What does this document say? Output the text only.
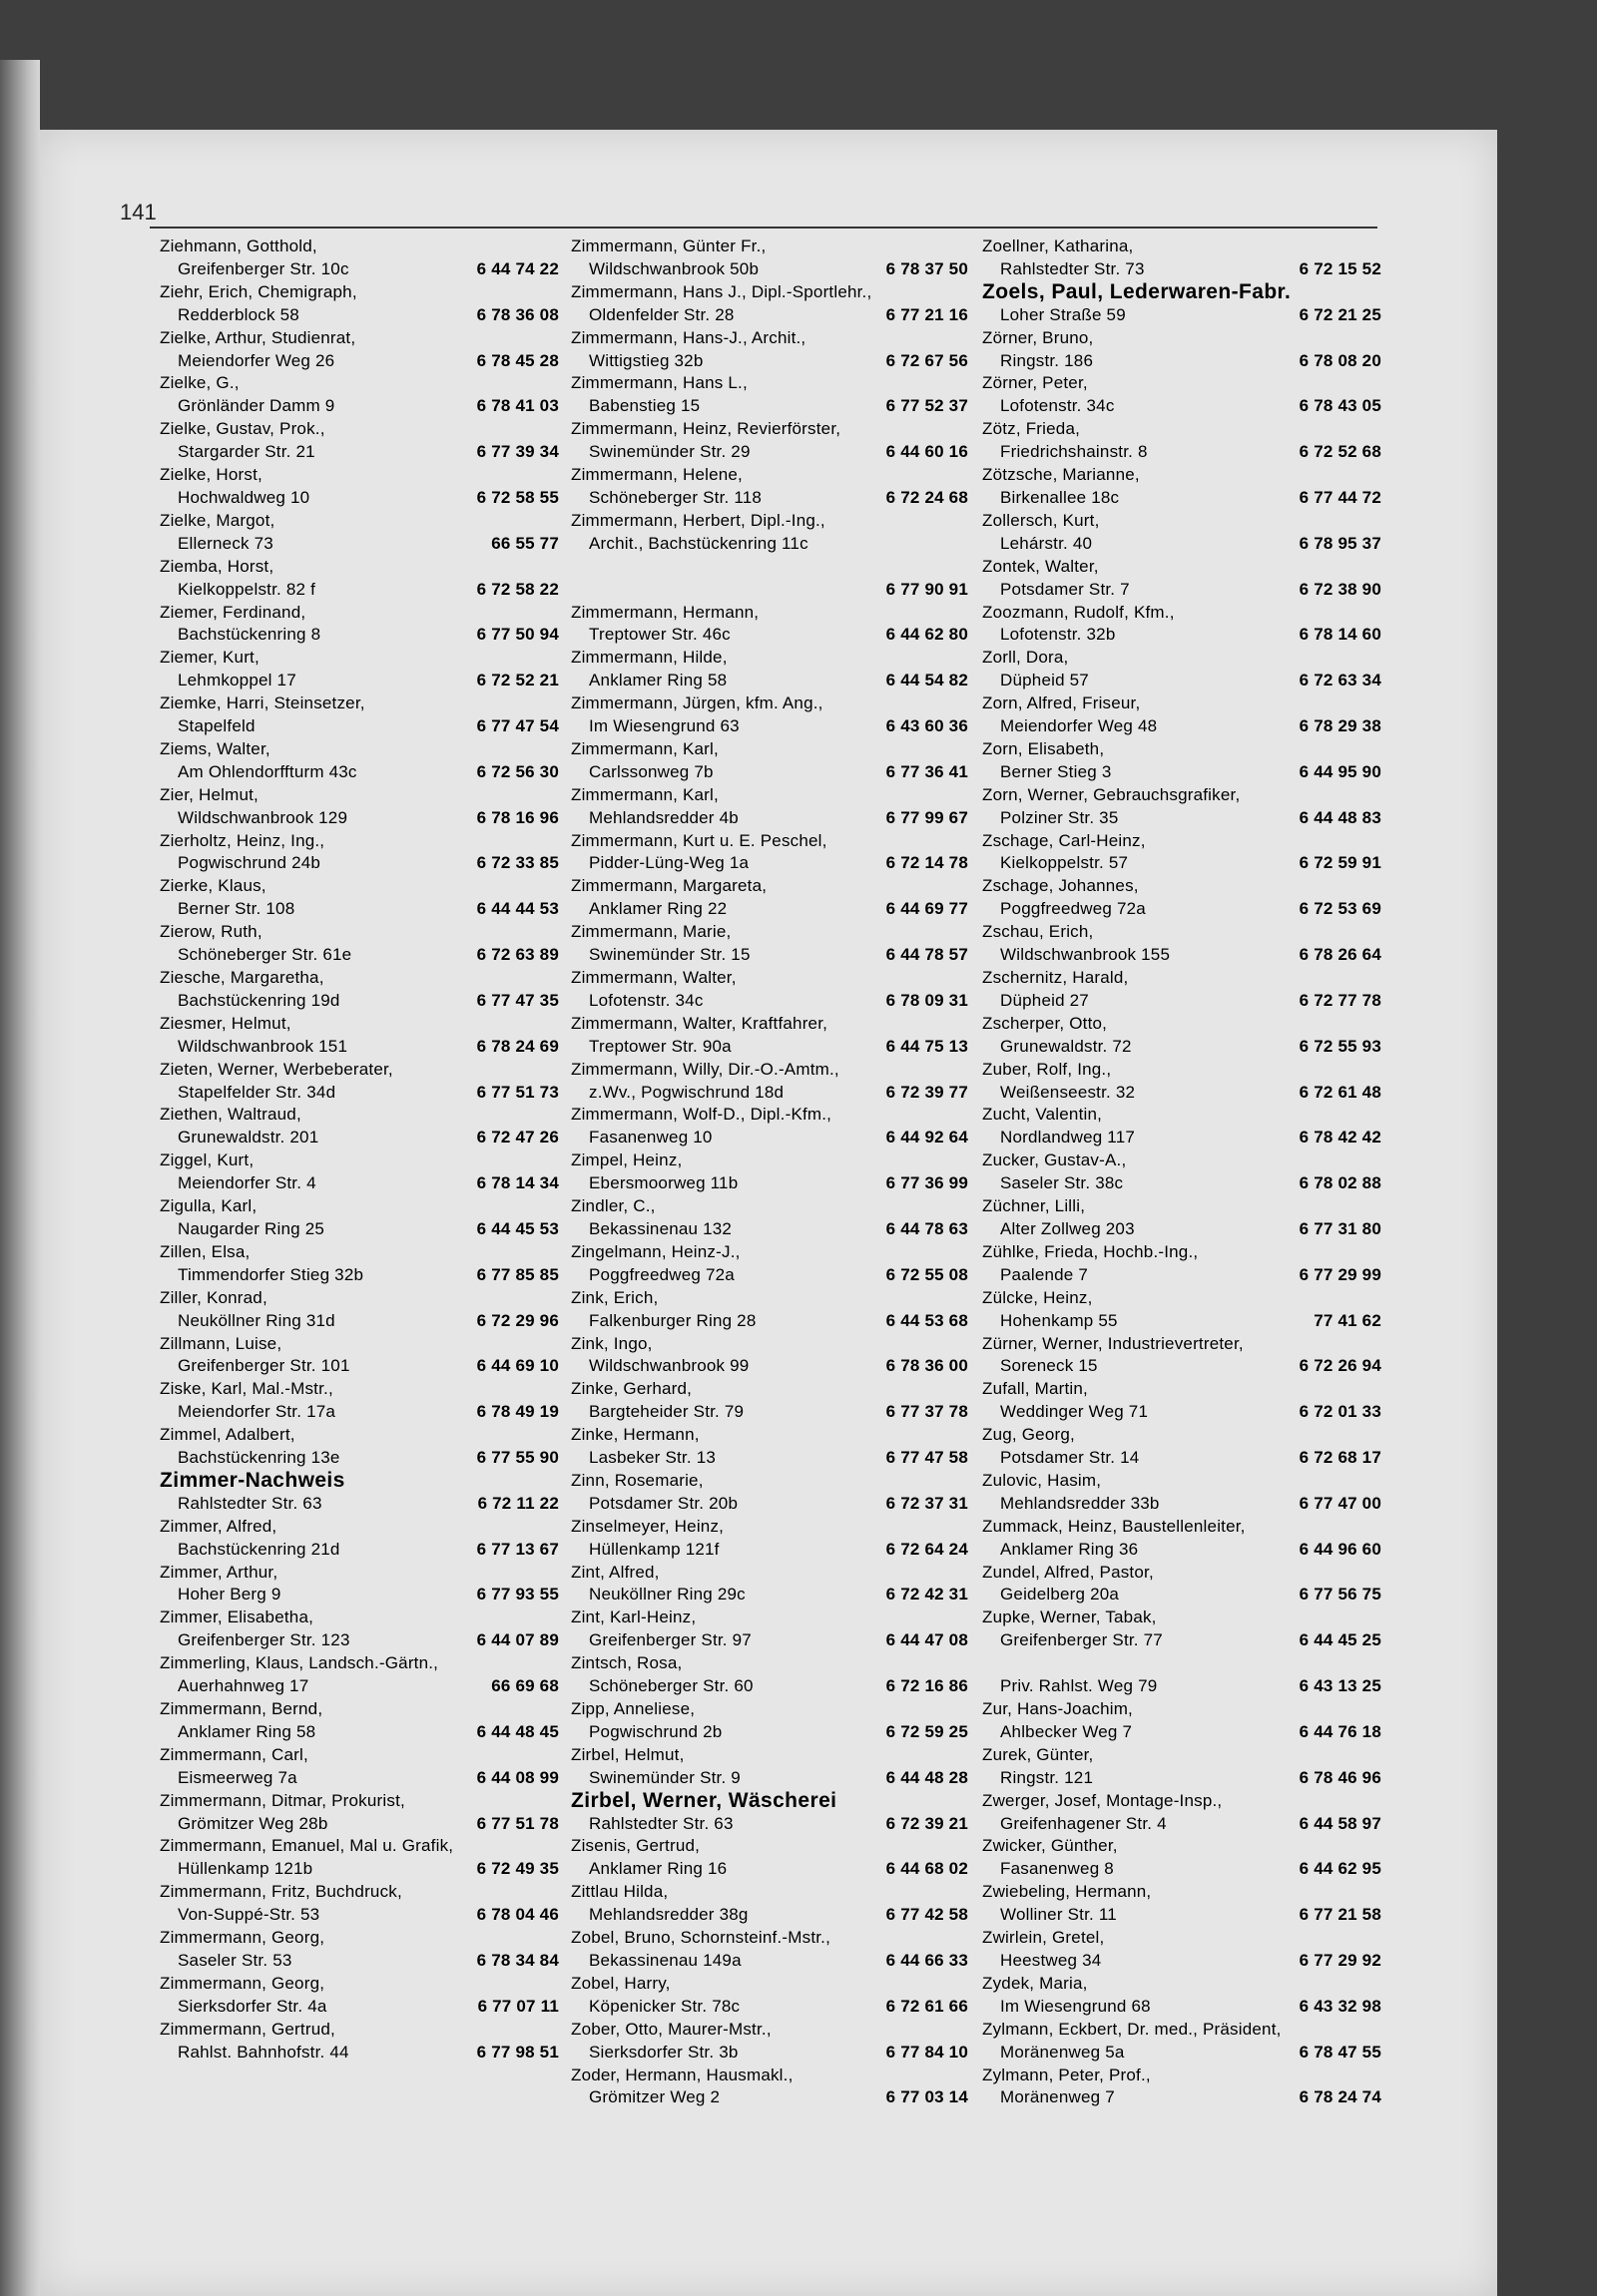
141
Ziehmann, Gotthold,
Greifenberger Str. 10c	6 44 74 22
Ziehr, Erich, Chemigraph,
Redderblock 58	6 78 36 08
Zielke, Arthur, Studienrat,
Meiendorfer Weg 26	6 78 45 28
Zielke, G.,
Grönländer Damm 9	6 78 41 03
Zielke, Gustav, Prok.,
Stargarder Str. 21	6 77 39 34
Zielke, Horst,
Hochwaldweg 10	6 72 58 55
Zielke, Margot,
Ellerneck 73	66 55 77
Ziemba, Horst,
Kielkoppelstr. 82 f	6 72 58 22
Ziemer, Ferdinand,
Bachstückenring 8	6 77 50 94
Ziemer, Kurt,
Lehmkoppel 17	6 72 52 21
Ziemke, Harri, Steinsetzer,
Stapelfeld	6 77 47 54
Ziems, Walter,
Am Ohlendorffturm 43c	6 72 56 30
Zier, Helmut,
Wildschwanbrook 129	6 78 16 96
Zierholtz, Heinz, Ing.,
Pogwischrund 24b	6 72 33 85
Zierke, Klaus,
Berner Str. 108	6 44 44 53
Zierow, Ruth,
Schöneberger Str. 61e	6 72 63 89
Ziesche, Margaretha,
Bachstückenring 19d	6 77 47 35
Ziesmer, Helmut,
Wildschwanbrook 151	6 78 24 69
Zieten, Werner, Werbeberater,
Stapelfelder Str. 34d	6 77 51 73
Ziethen, Waltraud,
Grunewaldstr. 201	6 72 47 26
Ziggel, Kurt,
Meiendorfer Str. 4	6 78 14 34
Zigulla, Karl,
Naugarder Ring 25	6 44 45 53
Zillen, Elsa,
Timmendorfer Stieg 32b	6 77 85 85
Ziller, Konrad,
Neuköllner Ring 31d	6 72 29 96
Zillmann, Luise,
Greifenberger Str. 101	6 44 69 10
Ziske, Karl, Mal.-Mstr.,
Meiendorfer Str. 17a	6 78 49 19
Zimmel, Adalbert,
Bachstückenring 13e	6 77 55 90
Zimmer-Nachweis
Rahlstedter Str. 63	6 72 11 22
Zimmer, Alfred,
Bachstückenring 21d	6 77 13 67
Zimmer, Arthur,
Hoher Berg 9	6 77 93 55
Zimmer, Elisabetha,
Greifenberger Str. 123	6 44 07 89
Zimmerling, Klaus, Landsch.-Gärtn.,
Auerhahnweg 17	66 69 68
Zimmermann, Bernd,
Anklamer Ring 58	6 44 48 45
Zimmermann, Carl,
Eismeerweg 7a	6 44 08 99
Zimmermann, Ditmar, Prokurist,
Grömitzer Weg 28b	6 77 51 78
Zimmermann, Emanuel, Mal u. Grafik,
Hüllenkamp 121b	6 72 49 35
Zimmermann, Fritz, Buchdruck,
Von-Suppé-Str. 53	6 78 04 46
Zimmermann, Georg,
Saseler Str. 53	6 78 34 84
Zimmermann, Georg,
Sierksdorfer Str. 4a	6 77 07 11
Zimmermann, Gertrud,
Rahlst. Bahnhofstr. 44	6 77 98 51
Zimmermann, Günter Fr.,
Wildschwanbrook 50b	6 78 37 50
Zimmermann, Hans J., Dipl.-Sportlehr.,
Oldenfelder Str. 28	6 77 21 16
Zimmermann, Hans-J., Archit.,
Wittigstieg 32b	6 72 67 56
Zimmermann, Hans L.,
Babenstieg 15	6 77 52 37
Zimmermann, Heinz, Revierförster,
Swinemünder Str. 29	6 44 60 16
Zimmermann, Helene,
Schöneberger Str. 118	6 72 24 68
Zimmermann, Herbert, Dipl.-Ing.,
Archit., Bachstückenring 11c

6 77 90 91
Zimmermann, Hermann,
Treptower Str. 46c	6 44 62 80
Zimmermann, Hilde,
Anklamer Ring 58	6 44 54 82
Zimmermann, Jürgen, kfm. Ang.,
Im Wiesengrund 63	6 43 60 36
Zimmermann, Karl,
Carlssonweg 7b	6 77 36 41
Zimmermann, Karl,
Mehlandsredder 4b	6 77 99 67
Zimmermann, Kurt u. E. Peschel,
Pidder-Lüng-Weg 1a	6 72 14 78
Zimmermann, Margareta,
Anklamer Ring 22	6 44 69 77
Zimmermann, Marie,
Swinemünder Str. 15	6 44 78 57
Zimmermann, Walter,
Lofotenstr. 34c	6 78 09 31
Zimmermann, Walter, Kraftfahrer,
Treptower Str. 90a	6 44 75 13
Zimmermann, Willy, Dir.-O.-Amtm.,
z.Wv., Pogwischrund 18d	6 72 39 77
Zimmermann, Wolf-D., Dipl.-Kfm.,
Fasanenweg 10	6 44 92 64
Zimpel, Heinz,
Ebersmoorweg 11b	6 77 36 99
Zindler, C.,
Bekassinenau 132	6 44 78 63
Zingelmann, Heinz-J.,
Poggfreedweg 72a	6 72 55 08
Zink, Erich,
Falkenburger Ring 28	6 44 53 68
Zink, Ingo,
Wildschwanbrook 99	6 78 36 00
Zinke, Gerhard,
Bargteheider Str. 79	6 77 37 78
Zinke, Hermann,
Lasbeker Str. 13	6 77 47 58
Zinn, Rosemarie,
Potsdamer Str. 20b	6 72 37 31
Zinselmeyer, Heinz,
Hüllenkamp 121f	6 72 64 24
Zint, Alfred,
Neuköllner Ring 29c	6 72 42 31
Zint, Karl-Heinz,
Greifenberger Str. 97	6 44 47 08
Zintsch, Rosa,
Schöneberger Str. 60	6 72 16 86
Zipp, Anneliese,
Pogwischrund 2b	6 72 59 25
Zirbel, Helmut,
Swinemünder Str. 9	6 44 48 28
Zirbel, Werner, Wäscherei
Rahlstedter Str. 63	6 72 39 21
Zisenis, Gertrud,
Anklamer Ring 16	6 44 68 02
Zittlau Hilda,
Mehlandsredder 38g	6 77 42 58
Zobel, Bruno, Schornsteinf.-Mstr.,
Bekassinenau 149a	6 44 66 33
Zobel, Harry,
Köpenicker Str. 78c	6 72 61 66
Zober, Otto, Maurer-Mstr.,
Sierksdorfer Str. 3b	6 77 84 10
Zoder, Hermann, Hausmakl.,
Grömitzer Weg 2	6 77 03 14
Zoellner, Katharina,
Rahlstedter Str. 73	6 72 15 52
Zoels, Paul, Lederwaren-Fabr.
Loher Straße 59	6 72 21 25
Zörner, Bruno,
Ringstr. 186	6 78 08 20
Zörner, Peter,
Lofotenstr. 34c	6 78 43 05
Zötz, Frieda,
Friedrichshainstr. 8	6 72 52 68
Zötzsche, Marianne,
Birkenallee 18c	6 77 44 72
Zollersch, Kurt,
Lehárstr. 40	6 78 95 37
Zontek, Walter,
Potsdamer Str. 7	6 72 38 90
Zoozmann, Rudolf, Kfm.,
Lofotenstr. 32b	6 78 14 60
Zorll, Dora,
Düpheid 57	6 72 63 34
Zorn, Alfred, Friseur,
Meiendorfer Weg 48	6 78 29 38
Zorn, Elisabeth,
Berner Stieg 3	6 44 95 90
Zorn, Werner, Gebrauchsgrafiker,
Polziner Str. 35	6 44 48 83
Zschage, Carl-Heinz,
Kielkoppelstr. 57	6 72 59 91
Zschage, Johannes,
Poggfreedweg 72a	6 72 53 69
Zschau, Erich,
Wildschwanbrook 155	6 78 26 64
Zschernitz, Harald,
Düpheid 27	6 72 77 78
Zscherper, Otto,
Grunewaldstr. 72	6 72 55 93
Zuber, Rolf, Ing.,
Weißenseestr. 32	6 72 61 48
Zucht, Valentin,
Nordlandweg 117	6 78 42 42
Zucker, Gustav-A.,
Saseler Str. 38c	6 78 02 88
Züchner, Lilli,
Alter Zollweg 203	6 77 31 80
Zühlke, Frieda, Hochb.-Ing.,
Paalende 7	6 77 29 99
Zülcke, Heinz,
Hohenkamp 55	77 41 62
Zürner, Werner, Industrievertreter,
Soreneck 15	6 72 26 94
Zufall, Martin,
Weddinger Weg 71	6 72 01 33
Zug, Georg,
Potsdamer Str. 14	6 72 68 17
Zulovic, Hasim,
Mehlandsredder 33b	6 77 47 00
Zummack, Heinz, Baustellenleiter,
Anklamer Ring 36	6 44 96 60
Zundel, Alfred, Pastor,
Geidelberg 20a	6 77 56 75
Zupke, Werner, Tabak,
Greifenberger Str. 77	6 44 45 25

Priv. Rahlst. Weg 79	6 43 13 25
Zur, Hans-Joachim,
Ahlbecker Weg 7	6 44 76 18
Zurek, Günter,
Ringstr. 121	6 78 46 96
Zwerger, Josef, Montage-Insp.,
Greifenhagener Str. 4	6 44 58 97
Zwicker, Günther,
Fasanenweg 8	6 44 62 95
Zwiebeling, Hermann,
Wolliner Str. 11	6 77 21 58
Zwirlein, Gretel,
Heestweg 34	6 77 29 92
Zydek, Maria,
Im Wiesengrund 68	6 43 32 98
Zylmann, Eckbert, Dr. med., Präsident,
Moränenweg 5a	6 78 47 55
Zylmann, Peter, Prof.,
Moränenweg 7	6 78 24 74
